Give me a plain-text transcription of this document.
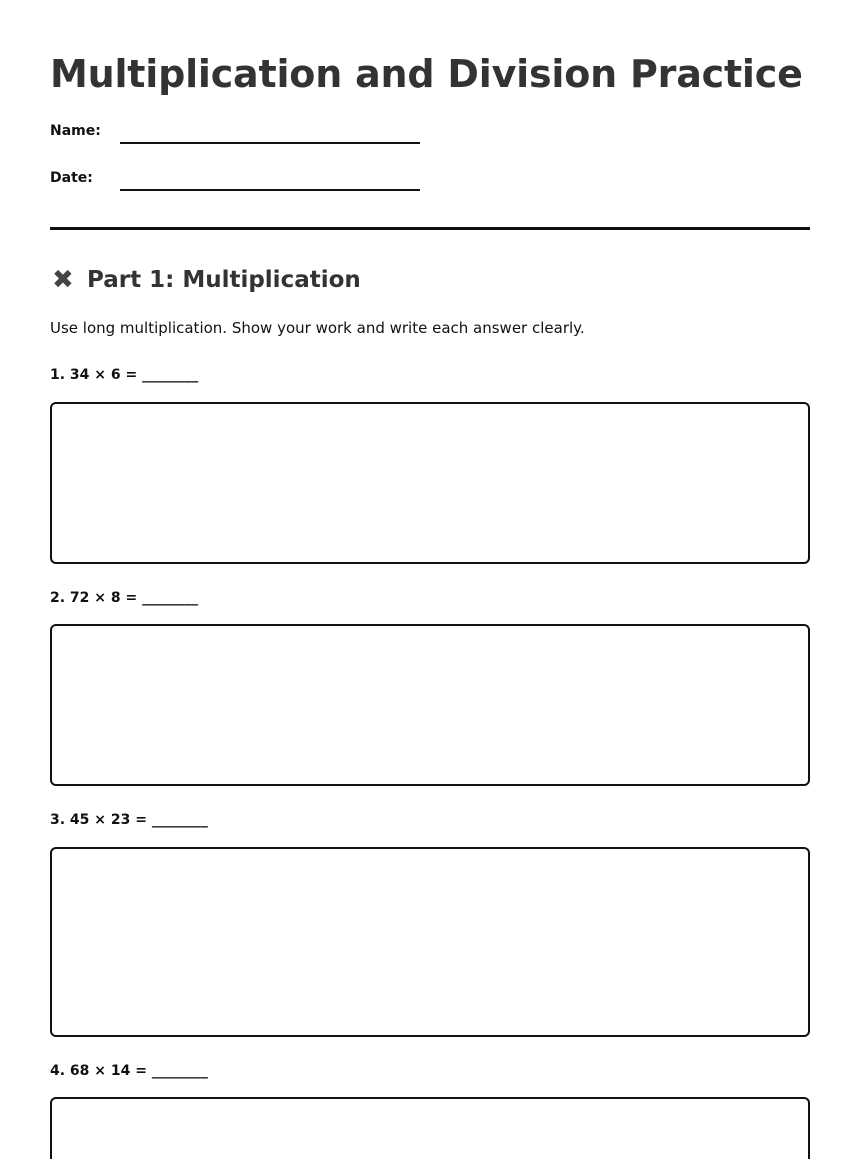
Multiplication and Division Practice
Name:
Date:
✖ Part 1: Multiplication

Use long multiplication. Show your work and write each answer clearly.

1. 34 × 6 = ________
2. 72 × 8 = ________
3. 45 × 23 = ________
4. 68 × 14 = ________
